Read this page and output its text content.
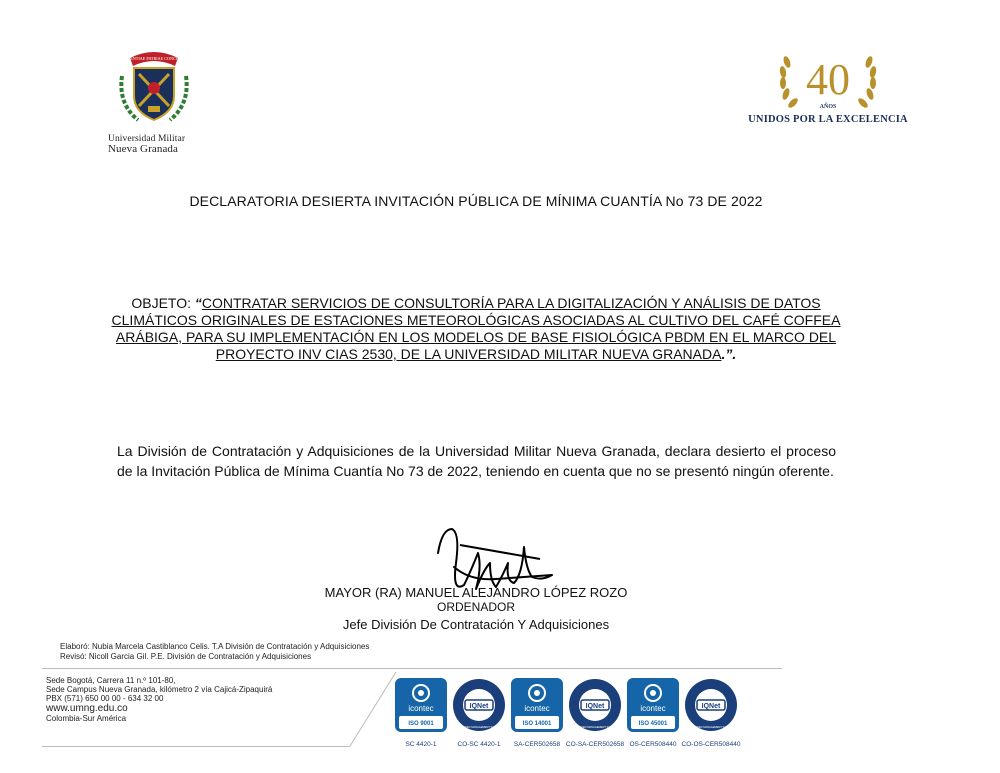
SCIENTIAE PATRIAE CONCILIA
Universidad Militar
Nueva Granada
40
AÑOS
UNIDOS POR LA EXCELENCIA
DECLARATORIA DESIERTA INVITACIÓN PÚBLICA DE MÍNIMA CUANTÍA No 73 DE 2022
OBJETO: “CONTRATAR SERVICIOS DE CONSULTORÍA PARA LA DIGITALIZACIÓN Y ANÁLISIS DE DATOS CLIMÁTICOS ORIGINALES DE ESTACIONES METEOROLÓGICAS ASOCIADAS AL CULTIVO DEL CAFÉ COFFEA ARÁBIGA, PARA SU IMPLEMENTACIÓN EN LOS MODELOS DE BASE FISIOLÓGICA PBDM EN EL MARCO DEL PROYECTO INV CIAS 2530, DE LA UNIVERSIDAD MILITAR NUEVA GRANADA.”.
La División de Contratación y Adquisiciones de la Universidad Militar Nueva Granada, declara desierto el proceso de la Invitación Pública de Mínima Cuantía No 73 de 2022, teniendo en cuenta que no se presentó ningún oferente.
MAYOR (RA) MANUEL ALEJANDRO LÓPEZ ROZO
ORDENADOR
Jefe División De Contratación Y Adquisiciones
Elaboró: Nubia Marcela Castiblanco Celis. T.A División de Contratación y Adquisiciones
Revisó: Nicoll Garcia Gil. P.E. División de Contratación y Adquisiciones
Sede Bogotá, Carrera 11 n.º 101-80,
Sede Campus Nueva Granada, kilómetro 2 vía Cajicá-Zipaquirá
PBX (571) 650 00 00 - 634 32 00
www.umng.edu.co
Colombia-Sur América
icontec
ISO 9001
SC 4420-1
IQNet
CERTIFIED MANAGEMENT SYSTEM
CO-SC 4420-1
icontec
ISO 14001
SA-CER502658
IQNet
CERTIFIED MANAGEMENT SYSTEM
CO-SA-CER502658
icontec
ISO 45001
OS-CER508440
IQNet
CERTIFIED MANAGEMENT SYSTEM
CO-OS-CER508440
